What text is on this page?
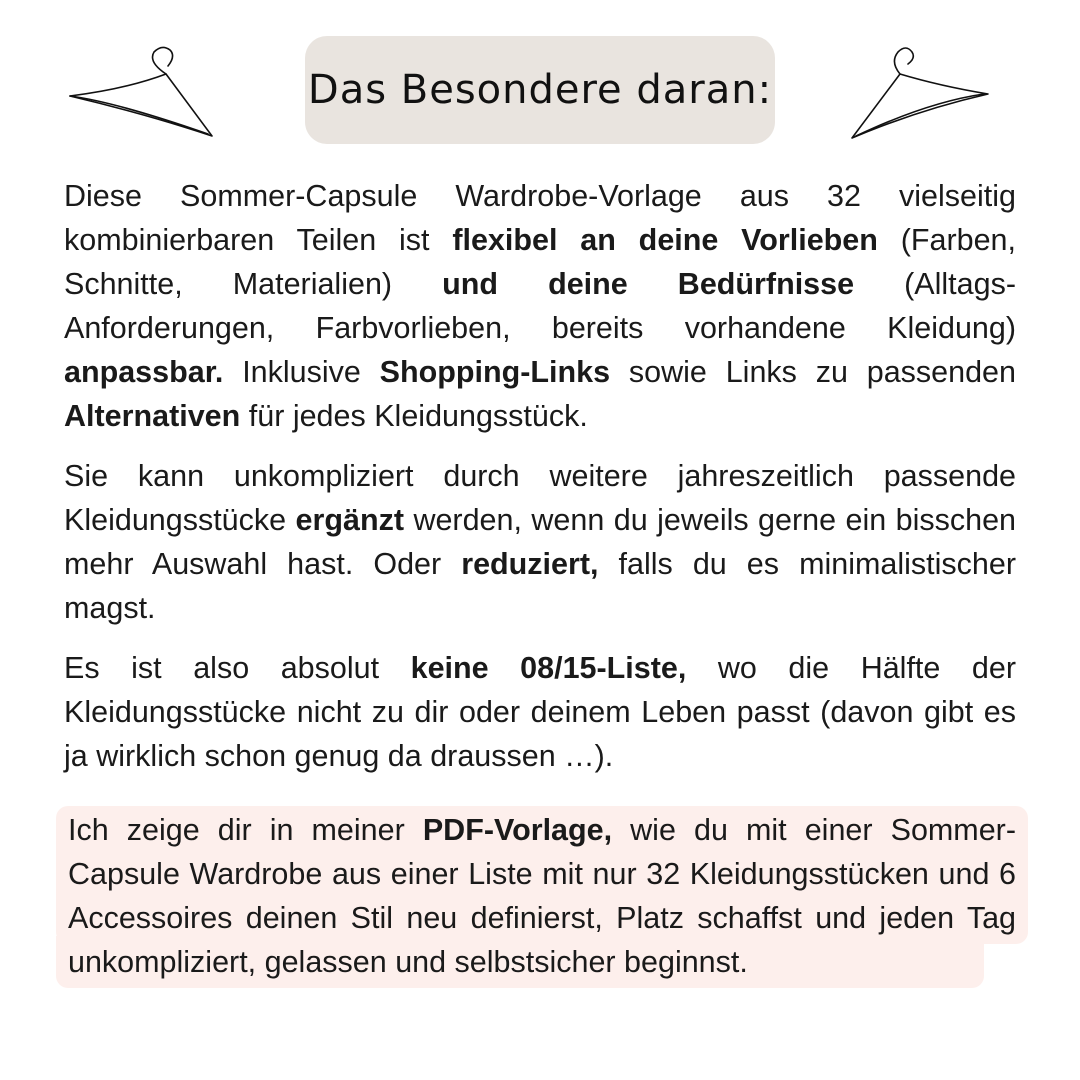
Das Besondere daran:

Diese Sommer-Capsule Wardrobe-Vorlage aus 32 vielseitig kombinierbaren Teilen ist flexibel an deine Vorlieben (Farben, Schnitte, Materialien) und deine Bedürfnisse (Alltags-Anforderungen, Farbvorlieben, bereits vorhandene Kleidung) anpassbar. Inklusive Shopping-Links sowie Links zu passenden Alternativen für jedes Kleidungsstück.

Sie kann unkompliziert durch weitere jahreszeitlich passende Kleidungsstücke ergänzt werden, wenn du jeweils gerne ein bisschen mehr Auswahl hast. Oder reduziert, falls du es minimalistischer magst.

Es ist also absolut keine 08/15-Liste, wo die Hälfte der Kleidungsstücke nicht zu dir oder deinem Leben passt (davon gibt es ja wirklich schon genug da draussen …).

Ich zeige dir in meiner PDF-Vorlage, wie du mit einer Sommer-Capsule Wardrobe aus einer Liste mit nur 32 Kleidungsstücken und 6 Accessoires deinen Stil neu definierst, Platz schaffst und jeden Tag unkompliziert, gelassen und selbstsicher beginnst.
